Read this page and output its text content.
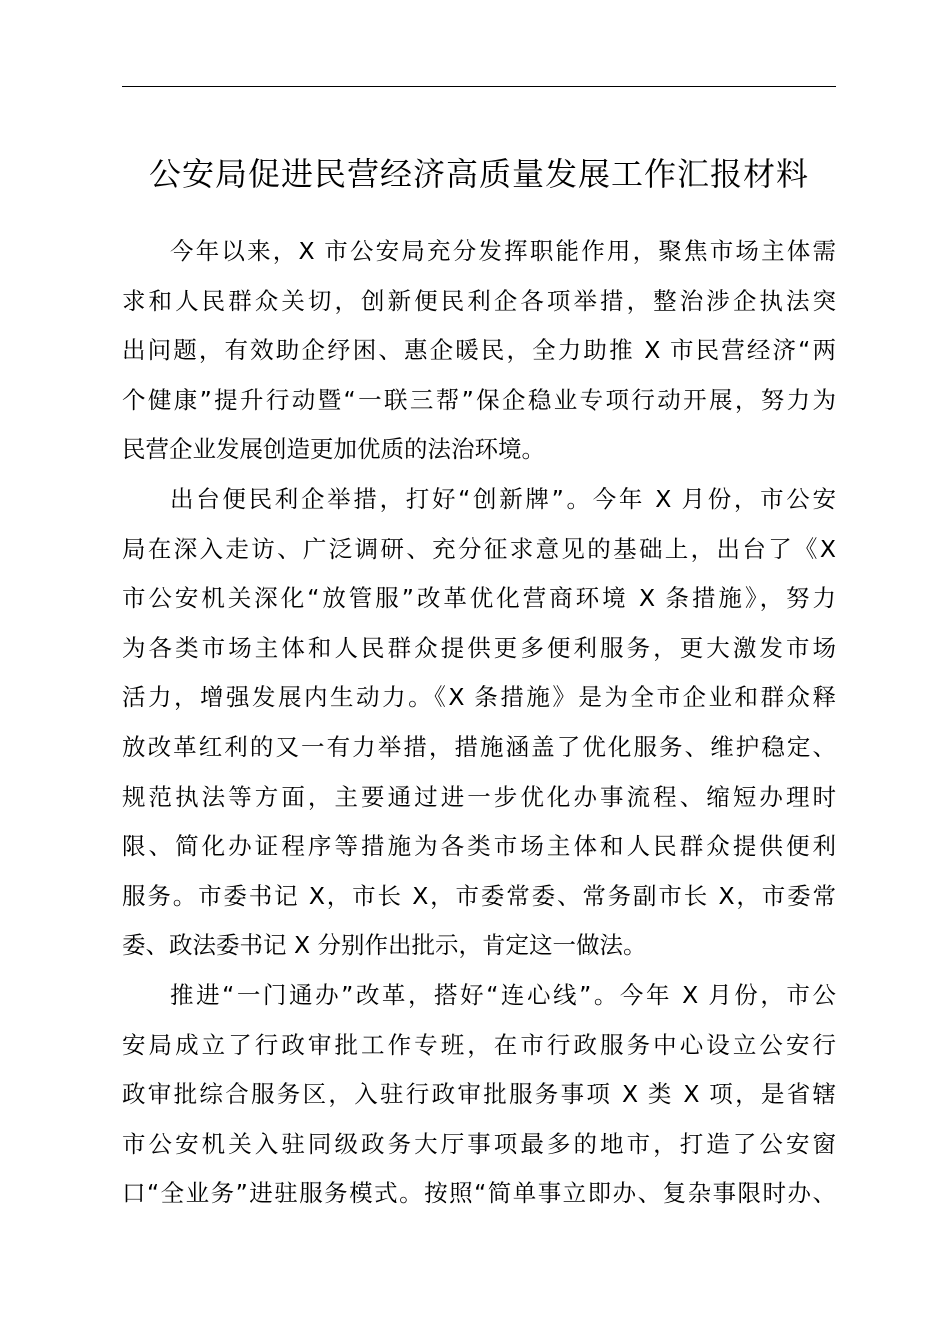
公安局促进民营经济高质量发展工作汇报材料
今年以来，X 市公安局充分发挥职能作用，聚焦市场主体需
求和人民群众关切，创新便民利企各项举措，整治涉企执法突
出问题，有效助企纾困、惠企暖民，全力助推 X 市民营经济“两
个健康”提升行动暨“一联三帮”保企稳业专项行动开展，努力为
民营企业发展创造更加优质的法治环境。
出台便民利企举措，打好“创新牌”。今年 X 月份，市公安
局在深入走访、广泛调研、充分征求意见的基础上，出台了《X
市公安机关深化“放管服”改革优化营商环境 X 条措施》，努力
为各类市场主体和人民群众提供更多便利服务，更大激发市场
活力，增强发展内生动力。《X 条措施》是为全市企业和群众释
放改革红利的又一有力举措，措施涵盖了优化服务、维护稳定、
规范执法等方面，主要通过进一步优化办事流程、缩短办理时
限、简化办证程序等措施为各类市场主体和人民群众提供便利
服务。市委书记 X，市长 X，市委常委、常务副市长 X，市委常
委、政法委书记 X 分别作出批示，肯定这一做法。
推进“一门通办”改革，搭好“连心线”。今年 X 月份，市公
安局成立了行政审批工作专班，在市行政服务中心设立公安行
政审批综合服务区，入驻行政审批服务事项 X 类 X 项，是省辖
市公安机关入驻同级政务大厅事项最多的地市，打造了公安窗
口“全业务”进驻服务模式。按照“简单事立即办、复杂事限时办、
